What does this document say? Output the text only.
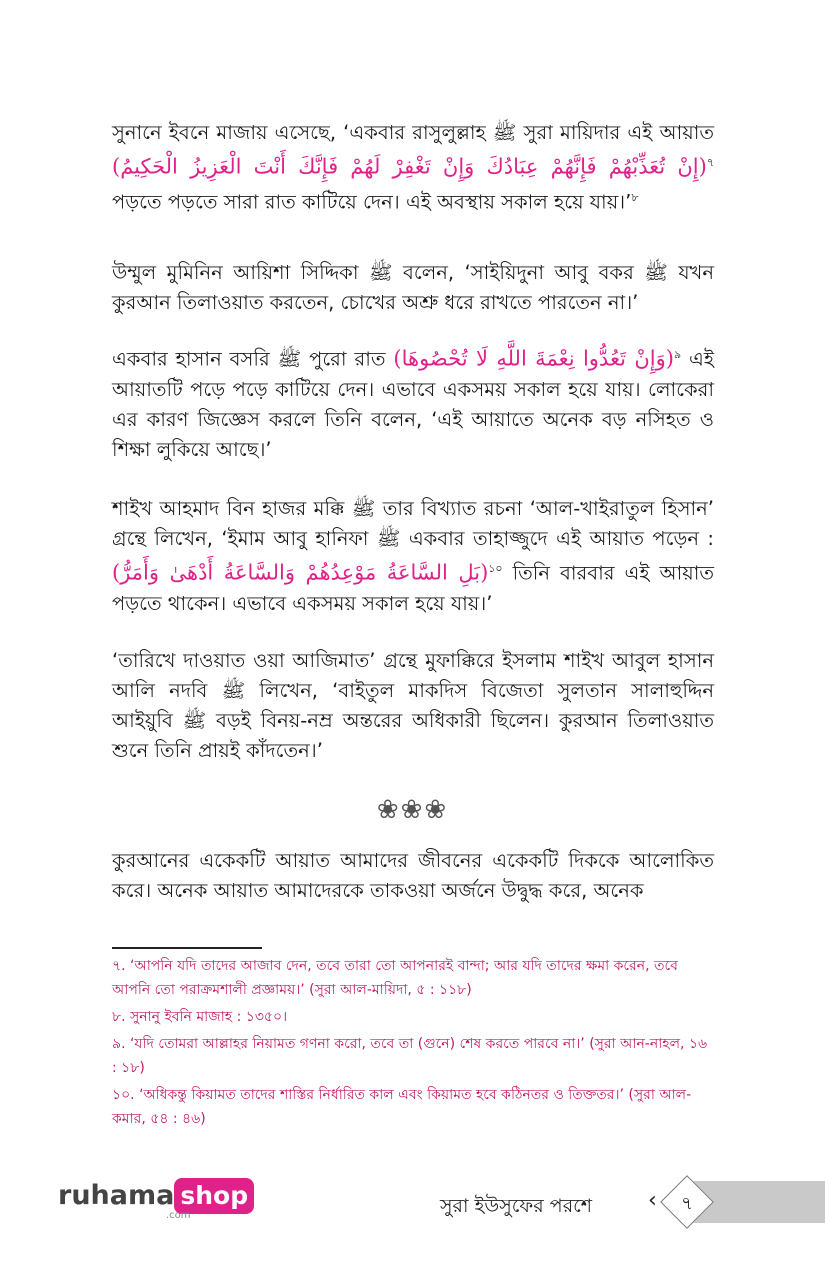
সুনানে ইবনে মাজায় এসেছে, ‘একবার রাসুলুল্লাহ ﷺ সুরা মায়িদার এই আয়াত (إِنْ تُعَذِّبْهُمْ فَإِنَّهُمْ عِبَادُكَ وَإِنْ تَغْفِرْ لَهُمْ فَإِنَّكَ أَنْتَ الْعَزِيزُ الْحَكِيمُ)$^৭$ পড়তে পড়তে সারা রাত কাটিয়ে দেন। এই অবস্থায় সকাল হয়ে যায়।’$^৮$

উম্মুল মুমিনিন আয়িশা সিদ্দিকা ﷺ বলেন, ‘সাইয়িদুনা আবু বকর ﷺ যখন কুরআন তিলাওয়াত করতেন, চোখের অশ্রু ধরে রাখতে পারতেন না।’

একবার হাসান বসরি ﷺ পুরো রাত (وَإِنْ تَعُدُّوا نِعْمَةَ اللَّهِ لَا تُحْصُوهَا)$^৯$ এই আয়াতটি পড়ে পড়ে কাটিয়ে দেন। এভাবে একসময় সকাল হয়ে যায়। লোকেরা এর কারণ জিজ্ঞেস করলে তিনি বলেন, ‘এই আয়াতে অনেক বড় নসিহত ও শিক্ষা লুকিয়ে আছে।’

শাইখ আহমাদ বিন হাজর মক্কি ﷺ তার বিখ্যাত রচনা ‘আল-খাইরাতুল হিসান’ গ্রন্থে লিখেন, ‘ইমাম আবু হানিফা ﷺ একবার তাহাজ্জুদে এই আয়াত পড়েন : (بَلِ السَّاعَةُ مَوْعِدُهُمْ وَالسَّاعَةُ أَدْهَىٰ وَأَمَرُّ)$^{১০}$ তিনি বারবার এই আয়াত পড়তে থাকেন। এভাবে একসময় সকাল হয়ে যায়।’

‘তারিখে দাওয়াত ওয়া আজিমাত’ গ্রন্থে মুফাক্কিরে ইসলাম শাইখ আবুল হাসান আলি নদবি ﷺ লিখেন, ‘বাইতুল মাকদিস বিজেতা সুলতান সালাহুদ্দিন আইয়ুবি ﷺ বড়ই বিনয়-নম্র অন্তরের অধিকারী ছিলেন। কুরআন তিলাওয়াত শুনে তিনি প্রায়ই কাঁদতেন।’

❀❀❀

কুরআনের একেকটি আয়াত আমাদের জীবনের একেকটি দিককে আলোকিত করে। অনেক আয়াত আমাদেরকে তাকওয়া অর্জনে উদ্বুদ্ধ করে, অনেক

৭. ‘আপনি যদি তাদের আজাব দেন, তবে তারা তো আপনারই বান্দা; আর যদি তাদের ক্ষমা করেন, তবে আপনি তো পরাক্রমশালী প্রজ্ঞাময়।’ (সুরা আল-মায়িদা, ৫ : ১১৮)
৮. সুনানু ইবনি মাজাহ : ১৩৫০।
৯. ‘যদি তোমরা আল্লাহর নিয়ামত গণনা করো, তবে তা (গুনে) শেষ করতে পারবে না।’ (সুরা আন-নাহল, ১৬ : ১৮)
১০. ‘অধিকন্তু কিয়ামত তাদের শাস্তির নির্ধারিত কাল এবং কিয়ামত হবে কঠিনতর ও তিক্ততর।’ (সুরা আল-কমার, ৫৪ : ৪৬)
ruhama shop
.com	সুরা ইউসুফের পরশে	‹	৭
